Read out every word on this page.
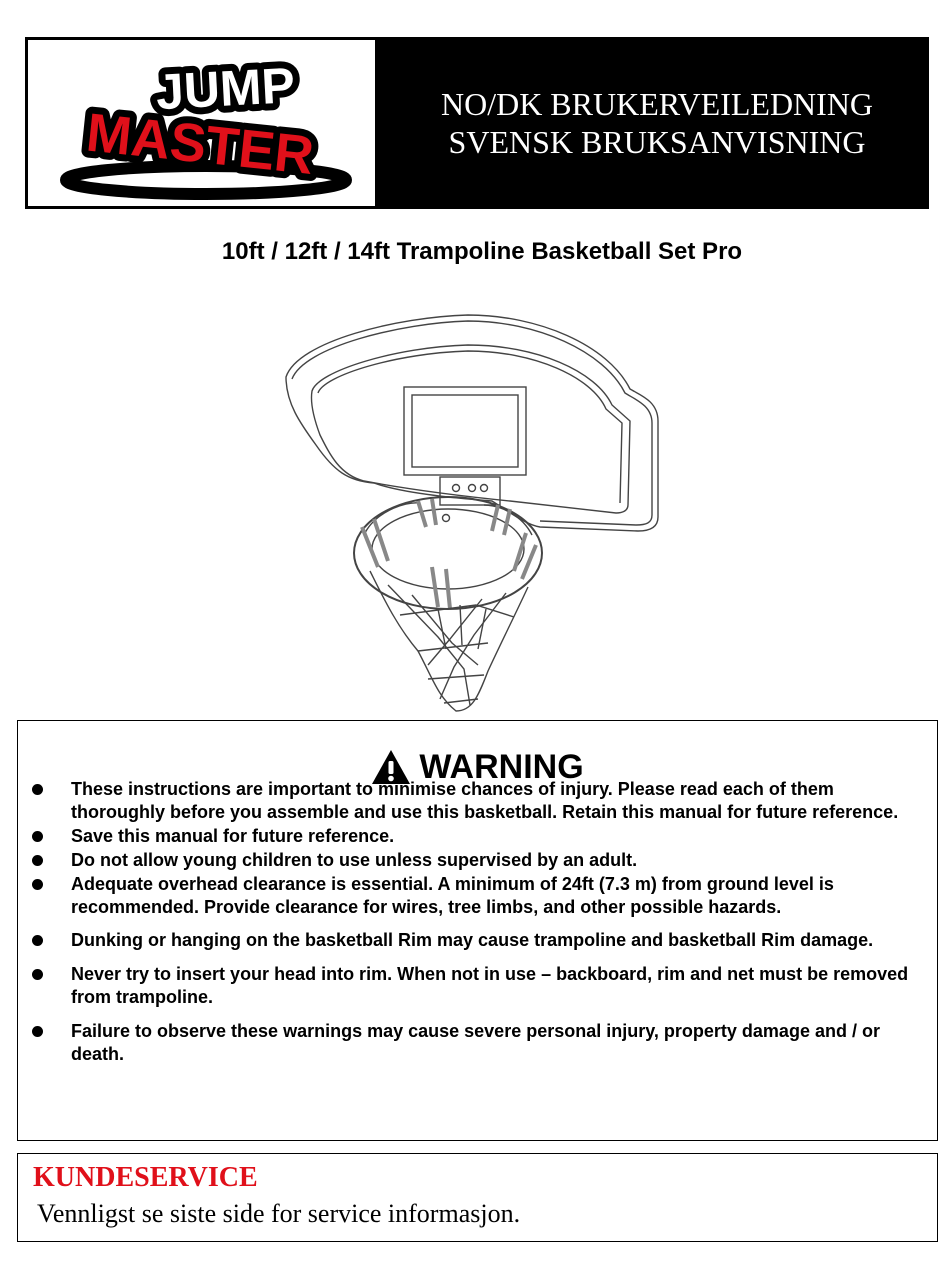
JUMP
MASTER	NO/DK BRUKERVEILEDNING
SVENSK BRUKSANVISNING
10ft / 12ft / 14ft Trampoline Basketball Set Pro
WARNING
These instructions are important to minimise chances of injury. Please read each of them thoroughly before you assemble and use this basketball. Retain this manual for future reference.
Save this manual for future reference.
Do not allow young children to use unless supervised by an adult.
Adequate overhead clearance is essential. A minimum of 24ft (7.3 m) from ground level is recommended. Provide clearance for wires, tree limbs, and other possible hazards.
Dunking or hanging on the basketball Rim may cause trampoline and basketball Rim damage.
Never try to insert your head into rim. When not in use – backboard, rim and net must be removed from trampoline.
Failure to observe these warnings may cause severe personal injury, property damage and / or death.
KUNDESERVICE
Vennligst se siste side for service informasjon.
